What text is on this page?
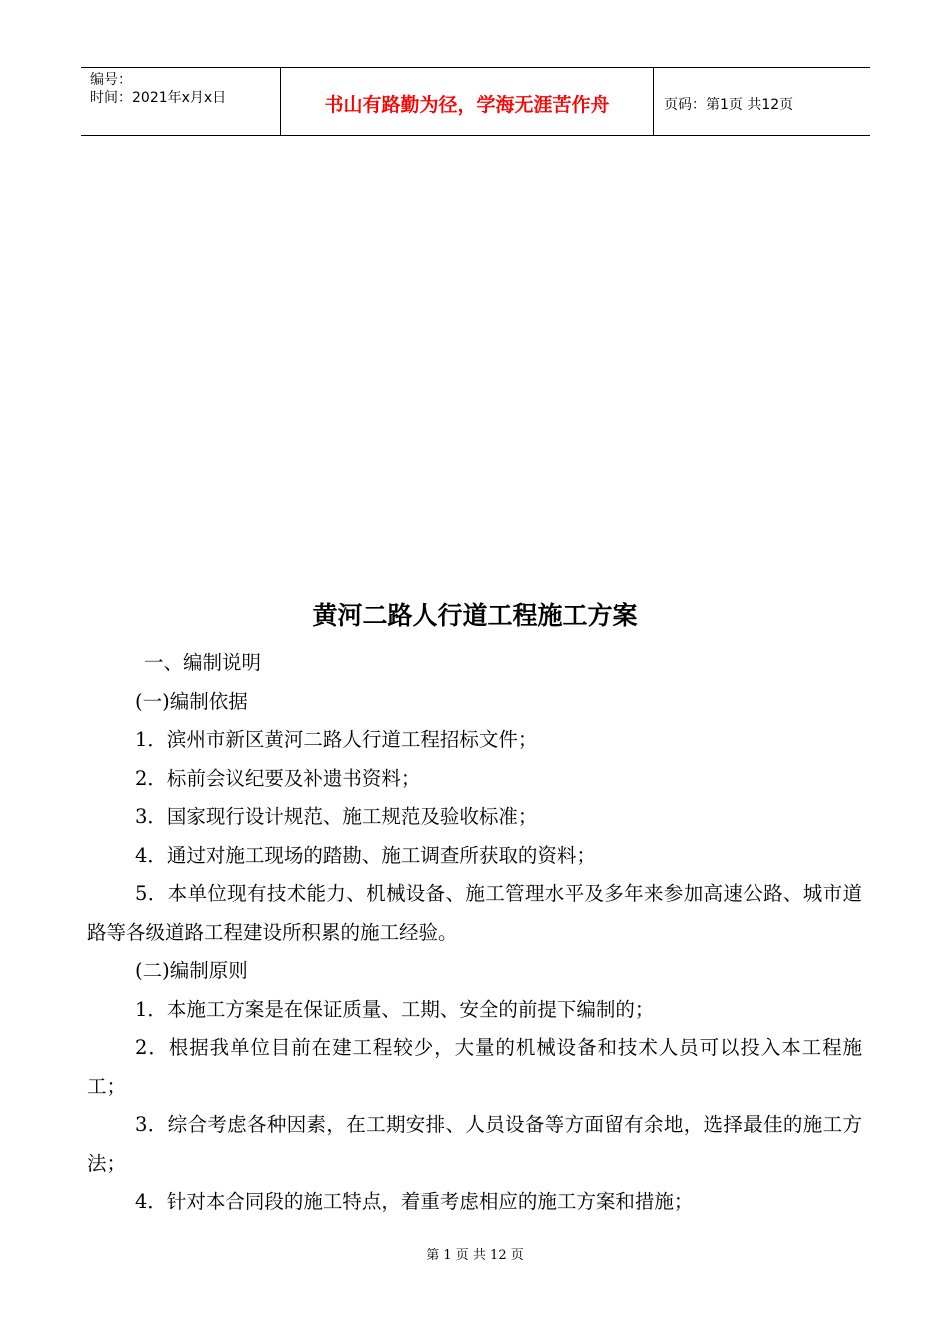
编号：
时间：2021年x月x日	书山有路勤为径，学海无涯苦作舟	页码：第1页 共12页
黄河二路人行道工程施工方案

一、编制说明

(一)编制依据

1．滨州市新区黄河二路人行道工程招标文件；

2．标前会议纪要及补遗书资料；

3．国家现行设计规范、施工规范及验收标准；

4．通过对施工现场的踏勘、施工调查所获取的资料；

5．本单位现有技术能力、机械设备、施工管理水平及多年来参加高速公路、城市道路等各级道路工程建设所积累的施工经验。

(二)编制原则

1．本施工方案是在保证质量、工期、安全的前提下编制的；

2．根据我单位目前在建工程较少，大量的机械设备和技术人员可以投入本工程施工；

3．综合考虑各种因素，在工期安排、人员设备等方面留有余地，选择最佳的施工方法；

4．针对本合同段的施工特点，着重考虑相应的施工方案和措施；

第 1 页 共 12 页
